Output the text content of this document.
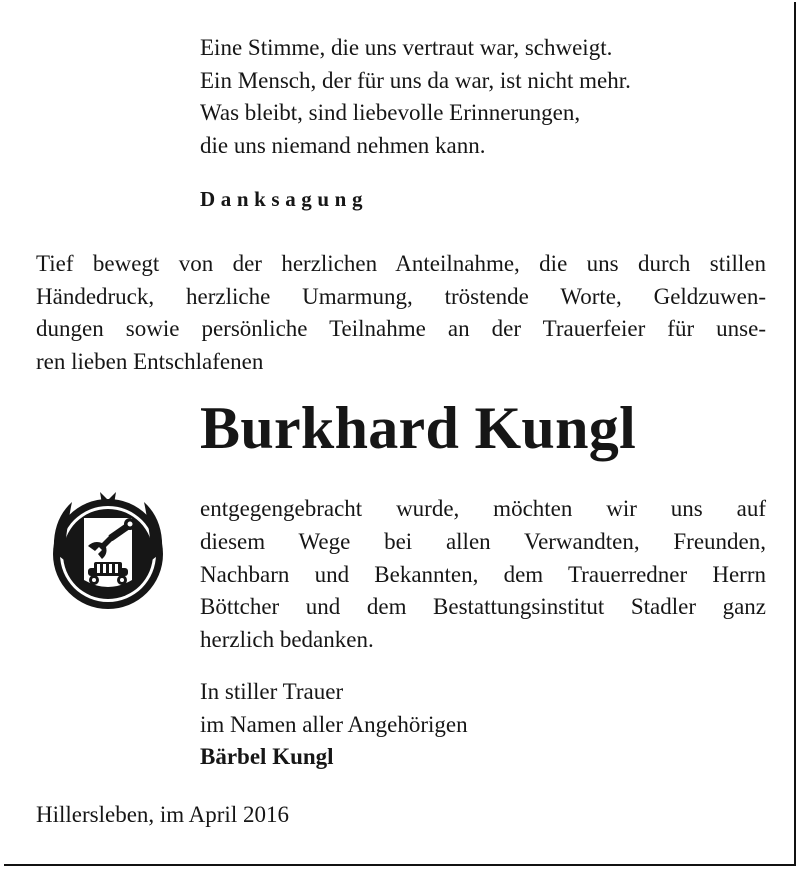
Eine Stimme, die uns vertraut war, schweigt.
Ein Mensch, der für uns da war, ist nicht mehr.
Was bleibt, sind liebevolle Erinnerungen,
die uns niemand nehmen kann.
Danksagung
Tief bewegt von der herzlichen Anteilnahme, die uns durch stillen
Händedruck, herzliche Umarmung, tröstende Worte, Geldzuwen-
dungen sowie persönliche Teilnahme an der Trauerfeier für unse-
ren lieben Entschlafenen
Burkhard Kungl
entgegengebracht wurde, möchten wir uns auf
diesem Wege bei allen Verwandten, Freunden,
Nachbarn und Bekannten, dem Trauerredner Herrn
Böttcher und dem Bestattungsinstitut Stadler ganz
herzlich bedanken.
In stiller Trauer
im Namen aller Angehörigen
Bärbel Kungl
Hillersleben, im April 2016
